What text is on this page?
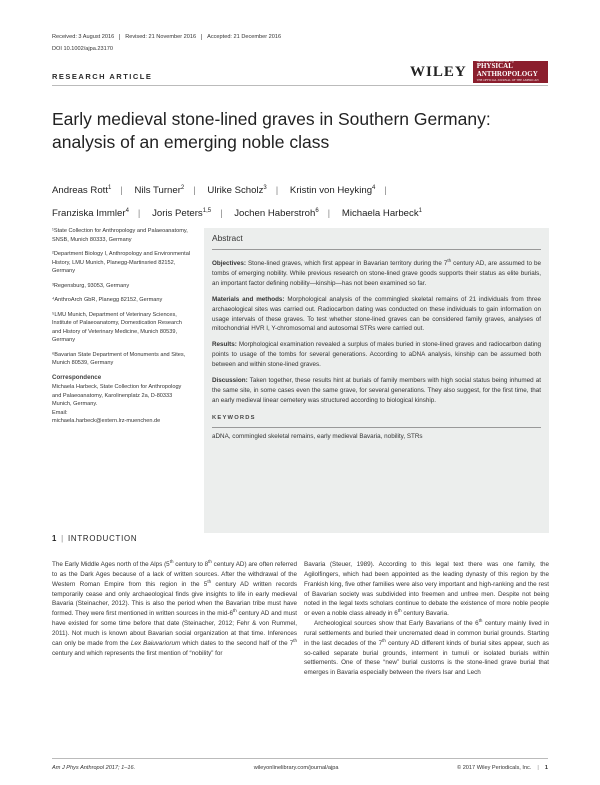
Received: 3 August 2016	Revised: 21 November 2016	Accepted: 21 December 2016
DOI 10.1002/ajpa.23170
RESEARCH ARTICLE	WILEY
American Journal of
PHYSICAL
ANTHROPOLOGY
THE OFFICIAL JOURNAL OF THE AMERICAN ASSOCIATION OF PHYSICAL ANTHROPOLOGISTS
Early medieval stone-lined graves in Southern Germany:
analysis of an emerging noble class
Andreas Rott$^1$ | Nils Turner$^2$ | Ulrike Scholz$^3$ | Kristin von Heyking$^4$ |
Franziska Immler$^4$ | Joris Peters$^{1,5}$ | Jochen Haberstroh$^6$ | Michaela Harbeck$^1$

¹State Collection for Anthropology and Palaeoanatomy, SNSB, Munich 80333, Germany

²Department Biology I, Anthropology and Environmental History, LMU Munich, Planegg-Martinsried 82152, Germany

³Regensburg, 93053, Germany

⁴AnthroArch GbR, Planegg 82152, Germany

⁵LMU Munich, Department of Veterinary Sciences, Institute of Palaeoanatomy, Domestication Research and History of Veterinary Medicine, Munich 80539, Germany

⁶Bavarian State Department of Monuments and Sites, Munich 80539, Germany

Correspondence
Michaela Harbeck, State Collection for Anthropology and Palaeoanatomy, Karolinenplatz 2a, D-80333 Munich, Germany.
Email:
michaela.harbeck@extern.lrz-muenchen.de
Abstract

Objectives: Stone-lined graves, which first appear in Bavarian territory during the 7th century AD, are assumed to be tombs of emerging nobility. While previous research on stone-lined grave goods supports their status as elite burials, an important factor defining nobility—kinship—has not been examined so far.

Materials and methods: Morphological analysis of the commingled skeletal remains of 21 individuals from three archaeological sites was carried out. Radiocarbon dating was conducted on these individuals to gain information on usage intervals of these graves. To test whether stone-lined graves can be considered family graves, analyses of mitochondrial HVR I, Y-chromosomal and autosomal STRs were carried out.

Results: Morphological examination revealed a surplus of males buried in stone-lined graves and radiocarbon dating points to usage of the tombs for several generations. According to aDNA analysis, kinship can be assumed both between and within stone-lined graves.

Discussion: Taken together, these results hint at burials of family members with high social status being inhumed at the same site, in some cases even the same grave, for several generations. They also suggest, for the first time, that an early medieval linear cemetery was structured according to biological kinship.

KEYWORDS
aDNA, commingled skeletal remains, early medieval Bavaria, nobility, STRs
1 | INTRODUCTION

The Early Middle Ages north of the Alps (5th century to 8th century AD) are often referred to as the Dark Ages because of a lack of written sources. After the withdrawal of the Western Roman Empire from this region in the 5th century AD written records temporarily cease and only archaeological finds give insights to life in early medieval Bavaria (Steinacher, 2012). This is also the period when the Bavarian tribe must have formed. They were first mentioned in written sources in the mid-6th century AD and must have existed for some time before that date (Steinacher, 2012; Fehr & von Rummel, 2011). Not much is known about Bavarian social organization at that time. Inferences can only be made from the Lex Baiuvariorum which dates to the second half of the 7th century and which represents the first mention of “nobility” for

Bavaria (Steuer, 1989). According to this legal text there was one family, the Agilolfingers, which had been appointed as the leading dynasty of this region by the Frankish king, five other families were also very important and high-ranking and the rest of Bavarian society was subdivided into freemen and unfree men. Despite not being noted in the legal texts scholars continue to debate the existence of more noble people or even a noble class already in 6th century Bavaria.

Archeological sources show that Early Bavarians of the 6th century mainly lived in rural settlements and buried their uncremated dead in common burial grounds. Starting in the last decades of the 7th century AD different kinds of burial sites appear, such as so-called separate burial grounds, interment in tumuli or isolated burials within settlements. One of these “new” burial customs is the stone-lined grave burial that emerges in Bavaria especially between the rivers Isar and Lech

Am J Phys Anthropol 2017; 1–16.	wileyonlinelibrary.com/journal/ajpa	© 2017 Wiley Periodicals, Inc. | 1
